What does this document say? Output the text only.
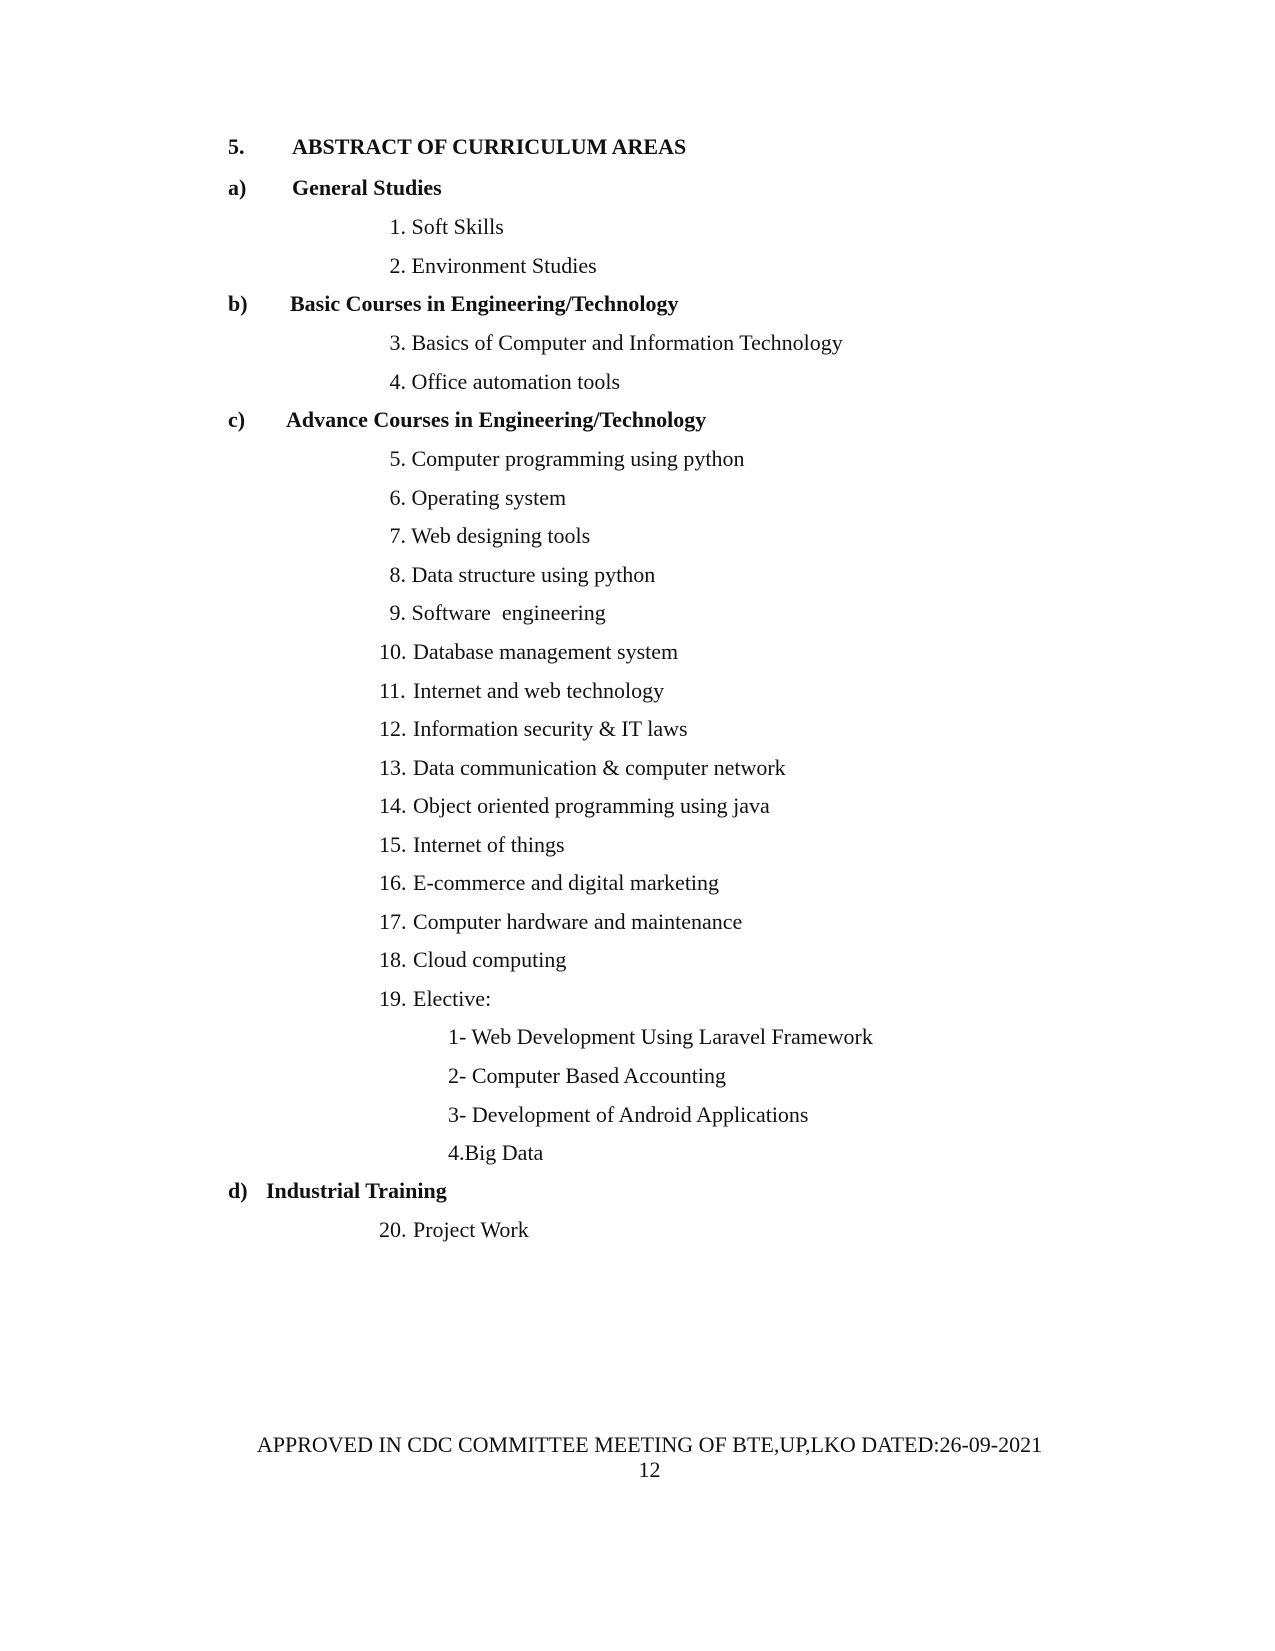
5. ABSTRACT OF CURRICULUM AREAS
a) General Studies
1. Soft Skills
2. Environment Studies
b) Basic Courses in Engineering/Technology
3. Basics of Computer and Information Technology
4. Office automation tools
c) Advance Courses in Engineering/Technology
5. Computer programming using python
6. Operating system
7. Web designing tools
8. Data structure using python
9. Software  engineering
10. Database management system
11. Internet and web technology
12. Information security & IT laws
13. Data communication & computer network
14. Object oriented programming using java
15. Internet of things
16. E-commerce and digital marketing
17. Computer hardware and maintenance
18. Cloud computing
19. Elective:
1- Web Development Using Laravel Framework
2- Computer Based Accounting
3- Development of Android Applications
4.Big Data
d) Industrial Training
20. Project Work
APPROVED IN CDC COMMITTEE MEETING OF BTE,UP,LKO DATED:26-09-2021
12
